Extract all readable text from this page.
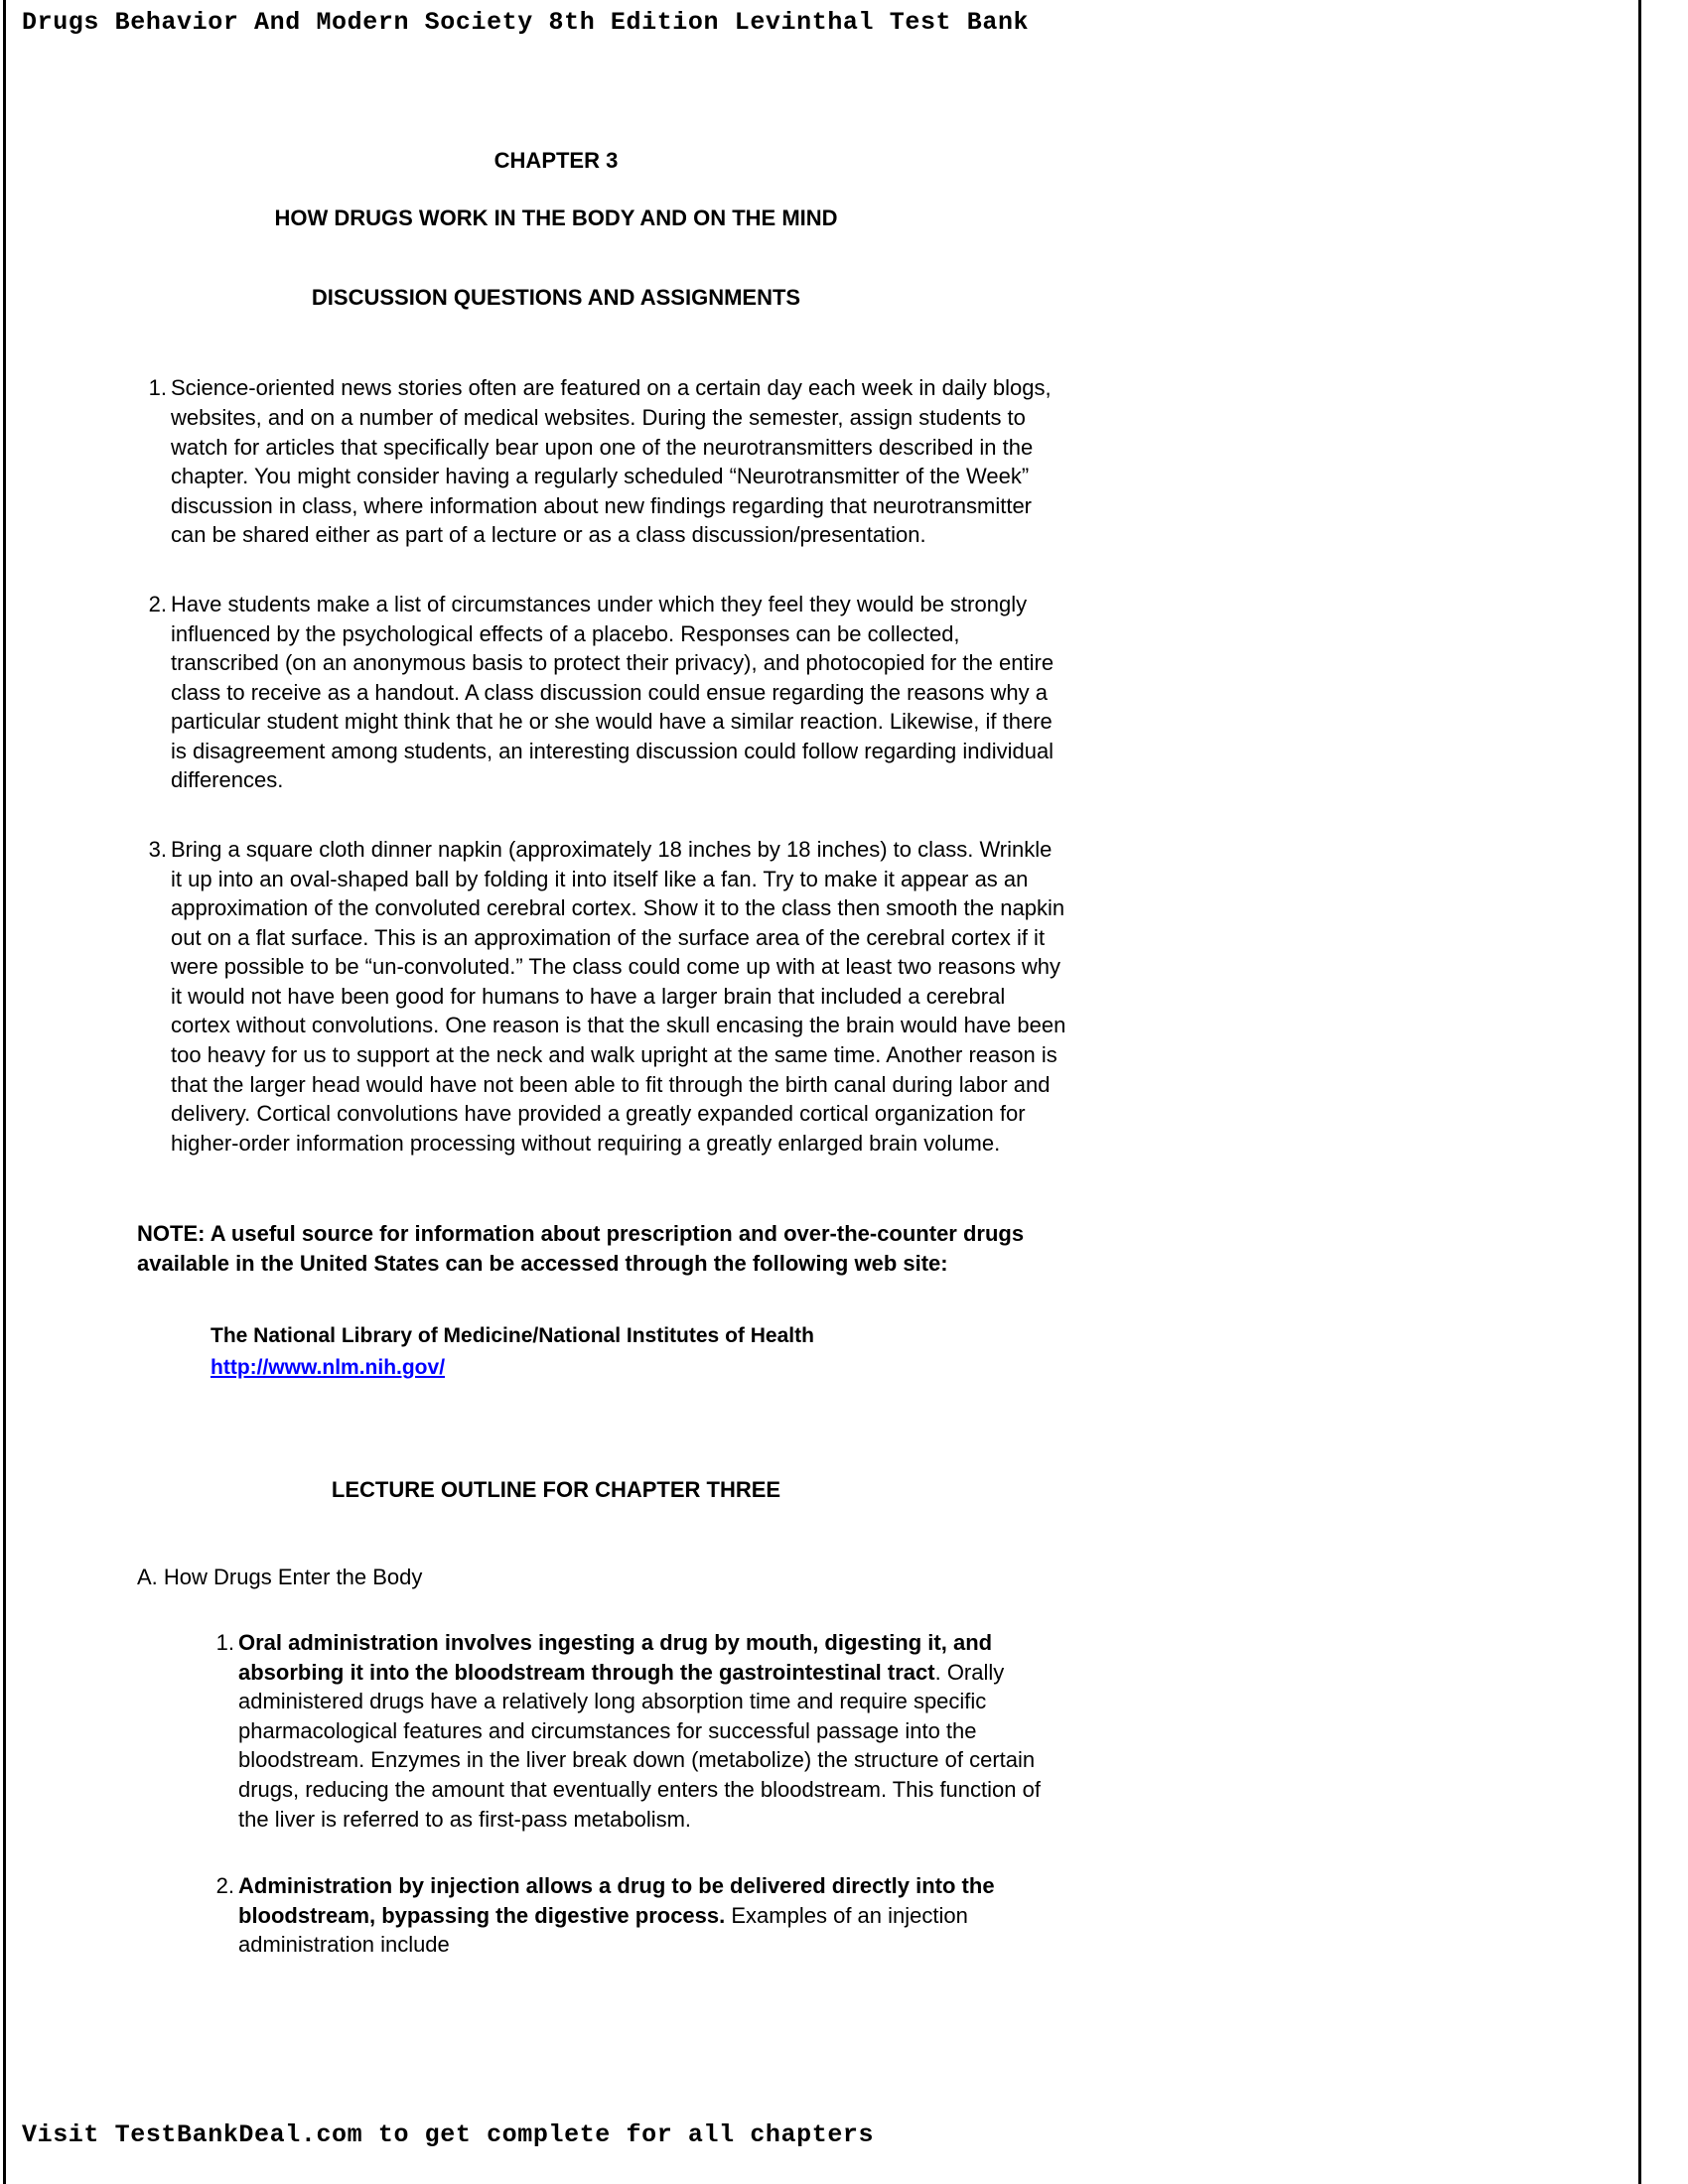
Drugs Behavior And Modern Society 8th Edition Levinthal Test Bank
CHAPTER 3
HOW DRUGS WORK IN THE BODY AND ON THE MIND
DISCUSSION QUESTIONS AND ASSIGNMENTS
1. Science-oriented news stories often are featured on a certain day each week in daily blogs, websites, and on a number of medical websites. During the semester, assign students to watch for articles that specifically bear upon one of the neurotransmitters described in the chapter. You might consider having a regularly scheduled “Neurotransmitter of the Week” discussion in class, where information about new findings regarding that neurotransmitter can be shared either as part of a lecture or as a class discussion/presentation.
2. Have students make a list of circumstances under which they feel they would be strongly influenced by the psychological effects of a placebo. Responses can be collected, transcribed (on an anonymous basis to protect their privacy), and photocopied for the entire class to receive as a handout. A class discussion could ensue regarding the reasons why a particular student might think that he or she would have a similar reaction. Likewise, if there is disagreement among students, an interesting discussion could follow regarding individual differences.
3. Bring a square cloth dinner napkin (approximately 18 inches by 18 inches) to class. Wrinkle it up into an oval-shaped ball by folding it into itself like a fan. Try to make it appear as an approximation of the convoluted cerebral cortex. Show it to the class then smooth the napkin out on a flat surface. This is an approximation of the surface area of the cerebral cortex if it were possible to be “un-convoluted.” The class could come up with at least two reasons why it would not have been good for humans to have a larger brain that included a cerebral cortex without convolutions. One reason is that the skull encasing the brain would have been too heavy for us to support at the neck and walk upright at the same time. Another reason is that the larger head would have not been able to fit through the birth canal during labor and delivery. Cortical convolutions have provided a greatly expanded cortical organization for higher-order information processing without requiring a greatly enlarged brain volume.
NOTE: A useful source for information about prescription and over-the-counter drugs available in the United States can be accessed through the following web site:
The National Library of Medicine/National Institutes of Health
http://www.nlm.nih.gov/
LECTURE OUTLINE FOR CHAPTER THREE
A. How Drugs Enter the Body
1. Oral administration involves ingesting a drug by mouth, digesting it, and absorbing it into the bloodstream through the gastrointestinal tract. Orally administered drugs have a relatively long absorption time and require specific pharmacological features and circumstances for successful passage into the bloodstream. Enzymes in the liver break down (metabolize) the structure of certain drugs, reducing the amount that eventually enters the bloodstream. This function of the liver is referred to as first-pass metabolism.
2. Administration by injection allows a drug to be delivered directly into the bloodstream, bypassing the digestive process. Examples of an injection administration include
Visit TestBankDeal.com to get complete for all chapters
